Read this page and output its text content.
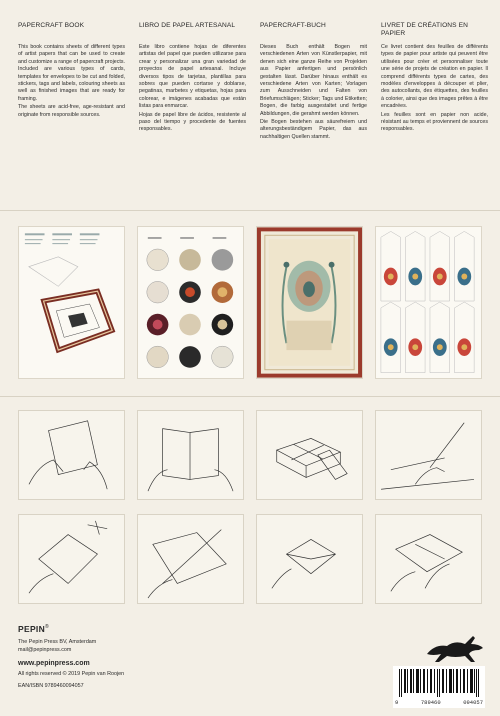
PAPERCRAFT BOOK

This book contains sheets of different types of artist papers that can be used to create and customize a range of papercraft projects. Included are various types of cards, templates for envelopes to be cut and folded, stickers, tags and labels, colouring sheets as well as finished images that are ready for framing.

The sheets are acid-free, age-resistant and originate from responsible sources.

LIBRO DE PAPEL ARTESANAL

Este libro contiene hojas de diferentes artistas del papel que pueden utilizarse para crear y personalizar una gran variedad de proyectos de papel artesanal. Incluye diversos tipos de tarjetas, plantillas para sobres que pueden cortarse y doblarse, pegatinas, marbetes y etiquetas, hojas para colorear, e imágenes acabadas que están listas para enmarcar.

Hojas de papel libre de ácidos, resistente al paso del tiempo y procedente de fuentes responsables.

PAPERCRAFT-BUCH

Dieses Buch enthält Bogen mit verschiedenen Arten von Künstlerpapier, mit denen sich eine ganze Reihe von Projekten aus Papier anfertigen und persönlich gestalten lässt. Darüber hinaus enthält es verschiedene Arten von Karten; Vorlagen zum Ausschneiden und Falten von Briefumschlägen; Sticker; Tags und Etiketten; Bogen, die farbig ausgestaltet und fertige Abbildungen, die gerahmt werden können.

Die Bogen bestehen aus säurefreiem und alterungsbeständigem Papier, das aus nachhaltigen Quellen stammt.

LIVRET DE CRÉATIONS EN PAPIER

Ce livret contient des feuilles de différents types de papier pour artiste qui peuvent être utilisées pour créer et personnaliser toute une série de projets de création en papier. Il comprend différents types de cartes, des modèles d'enveloppes à découper et plier, des autocollants, des étiquettes, des feuilles à colorier, ainsi que des images prêtes à être encadrées.

Les feuilles sont en papier non acide, résistant au temps et proviennent de sources responsables.

PEPIN®
The Pepin Press BV, Amsterdam
mail@pepinpress.com
www.pepinpress.com
All rights reserved © 2019 Pepin van Roojen
EAN/ISBN 9789460094057
9	789460	094057
